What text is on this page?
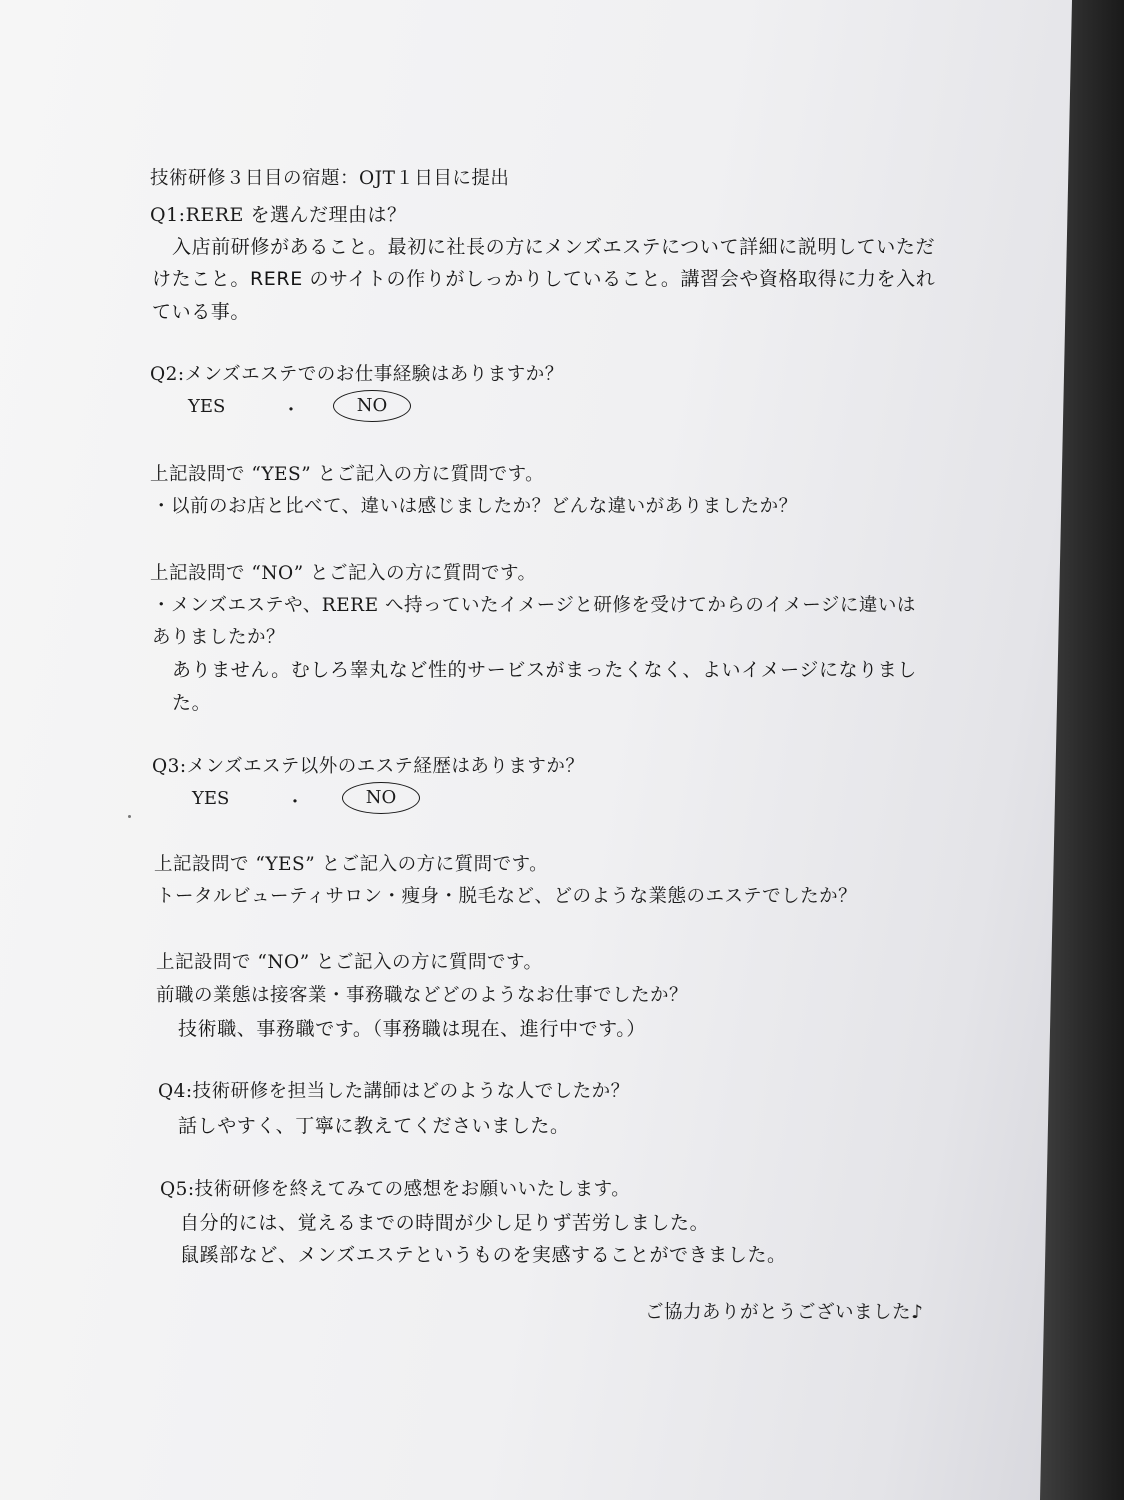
技術研修３日目の宿題：OJT１日目に提出
Q1:RERE を選んだ理由は？
入店前研修があること。最初に社長の方にメンズエステについて詳細に説明していただ
けたこと。RERE のサイトの作りがしっかりしていること。講習会や資格取得に力を入れ
ている事。
Q2:メンズエステでのお仕事経験はありますか？
YES	・	NO
上記設問で “YES” とご記入の方に質問です。
・以前のお店と比べて、違いは感じましたか？どんな違いがありましたか？
上記設問で “NO” とご記入の方に質問です。
・メンズエステや、RERE へ持っていたイメージと研修を受けてからのイメージに違いは
ありましたか？
ありません。むしろ睾丸など性的サービスがまったくなく、よいイメージになりまし
た。
Q3:メンズエステ以外のエステ経歴はありますか？
YES	・	NO
上記設問で “YES” とご記入の方に質問です。
トータルビューティサロン・痩身・脱毛など、どのような業態のエステでしたか？
上記設問で “NO” とご記入の方に質問です。
前職の業態は接客業・事務職などどのようなお仕事でしたか？
技術職、事務職です。（事務職は現在、進行中です。）
Q4:技術研修を担当した講師はどのような人でしたか？
話しやすく、丁寧に教えてくださいました。
Q5:技術研修を終えてみての感想をお願いいたします。
自分的には、覚えるまでの時間が少し足りず苦労しました。
鼠蹊部など、メンズエステというものを実感することができました。
ご協力ありがとうございました♪
